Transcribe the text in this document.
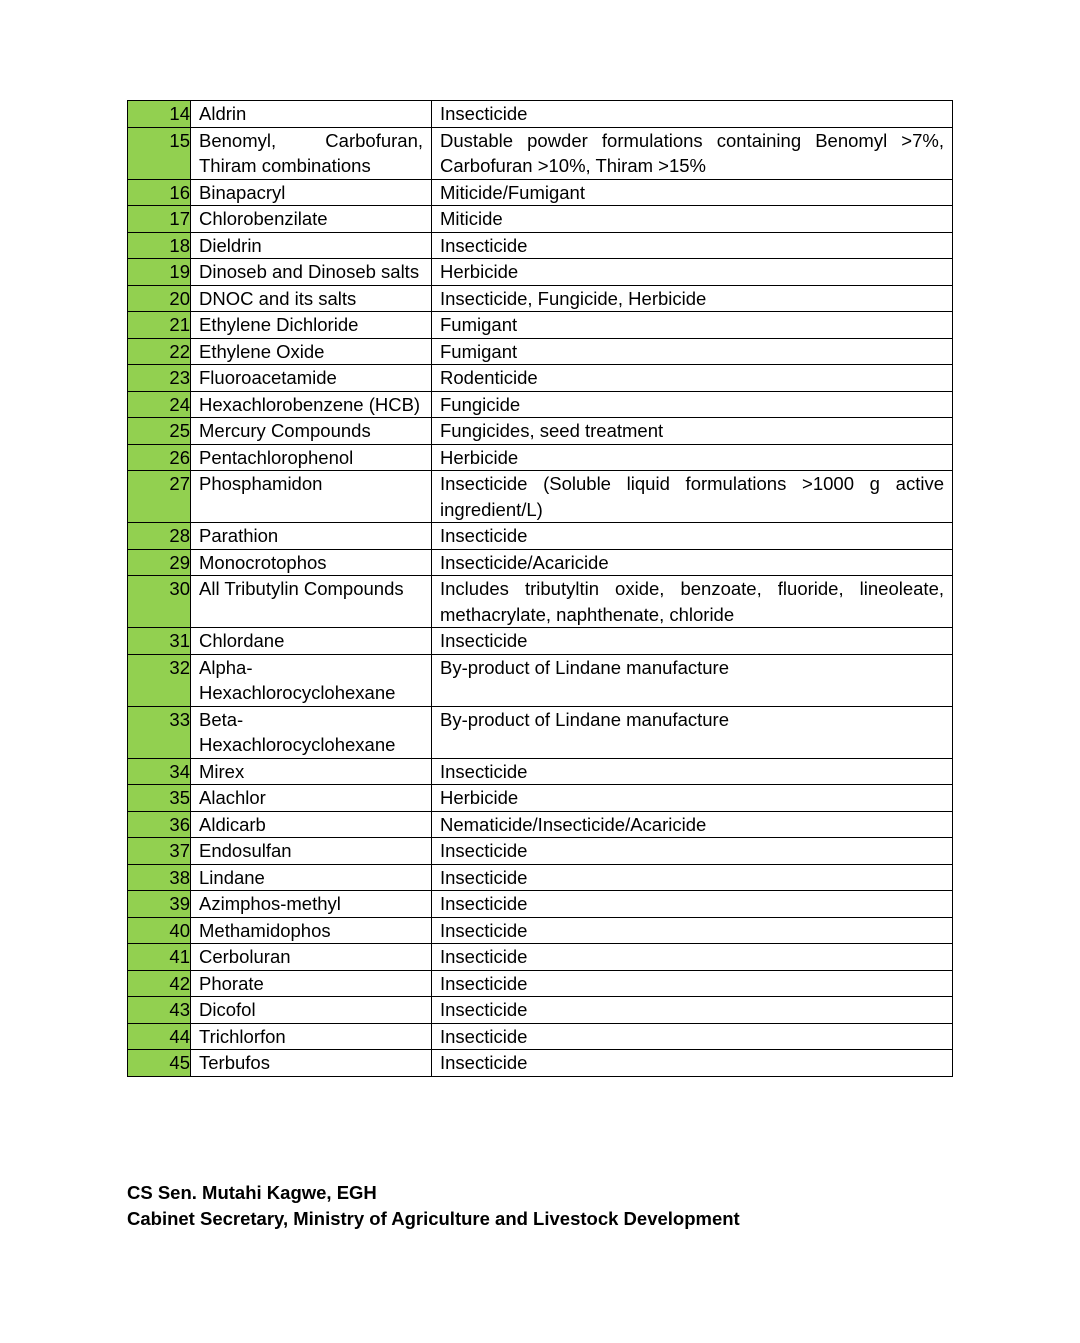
14	Aldrin	Insecticide
15	Benomyl, Carbofuran, Thiram combinations	Dustable powder formulations containing Benomyl >7%, Carbofuran >10%, Thiram >15%
16	Binapacryl	Miticide/Fumigant
17	Chlorobenzilate	Miticide
18	Dieldrin	Insecticide
19	Dinoseb and Dinoseb salts	Herbicide
20	DNOC and its salts	Insecticide, Fungicide, Herbicide
21	Ethylene Dichloride	Fumigant
22	Ethylene Oxide	Fumigant
23	Fluoroacetamide	Rodenticide
24	Hexachlorobenzene (HCB)	Fungicide
25	Mercury Compounds	Fungicides, seed treatment
26	Pentachlorophenol	Herbicide
27	Phosphamidon	Insecticide (Soluble liquid formulations >1000 g active ingredient/L)
28	Parathion	Insecticide
29	Monocrotophos	Insecticide/Acaricide
30	All Tributylin Compounds	Includes tributyltin oxide, benzoate, fluoride, lineoleate, methacrylate, naphthenate, chloride
31	Chlordane	Insecticide
32	Alpha-Hexachlorocyclohexane	By-product of Lindane manufacture
33	Beta-Hexachlorocyclohexane	By-product of Lindane manufacture
34	Mirex	Insecticide
35	Alachlor	Herbicide
36	Aldicarb	Nematicide/Insecticide/Acaricide
37	Endosulfan	Insecticide
38	Lindane	Insecticide
39	Azimphos-methyl	Insecticide
40	Methamidophos	Insecticide
41	Cerboluran	Insecticide
42	Phorate	Insecticide
43	Dicofol	Insecticide
44	Trichlorfon	Insecticide
45	Terbufos	Insecticide
CS Sen. Mutahi Kagwe, EGH
Cabinet Secretary, Ministry of Agriculture and Livestock Development
